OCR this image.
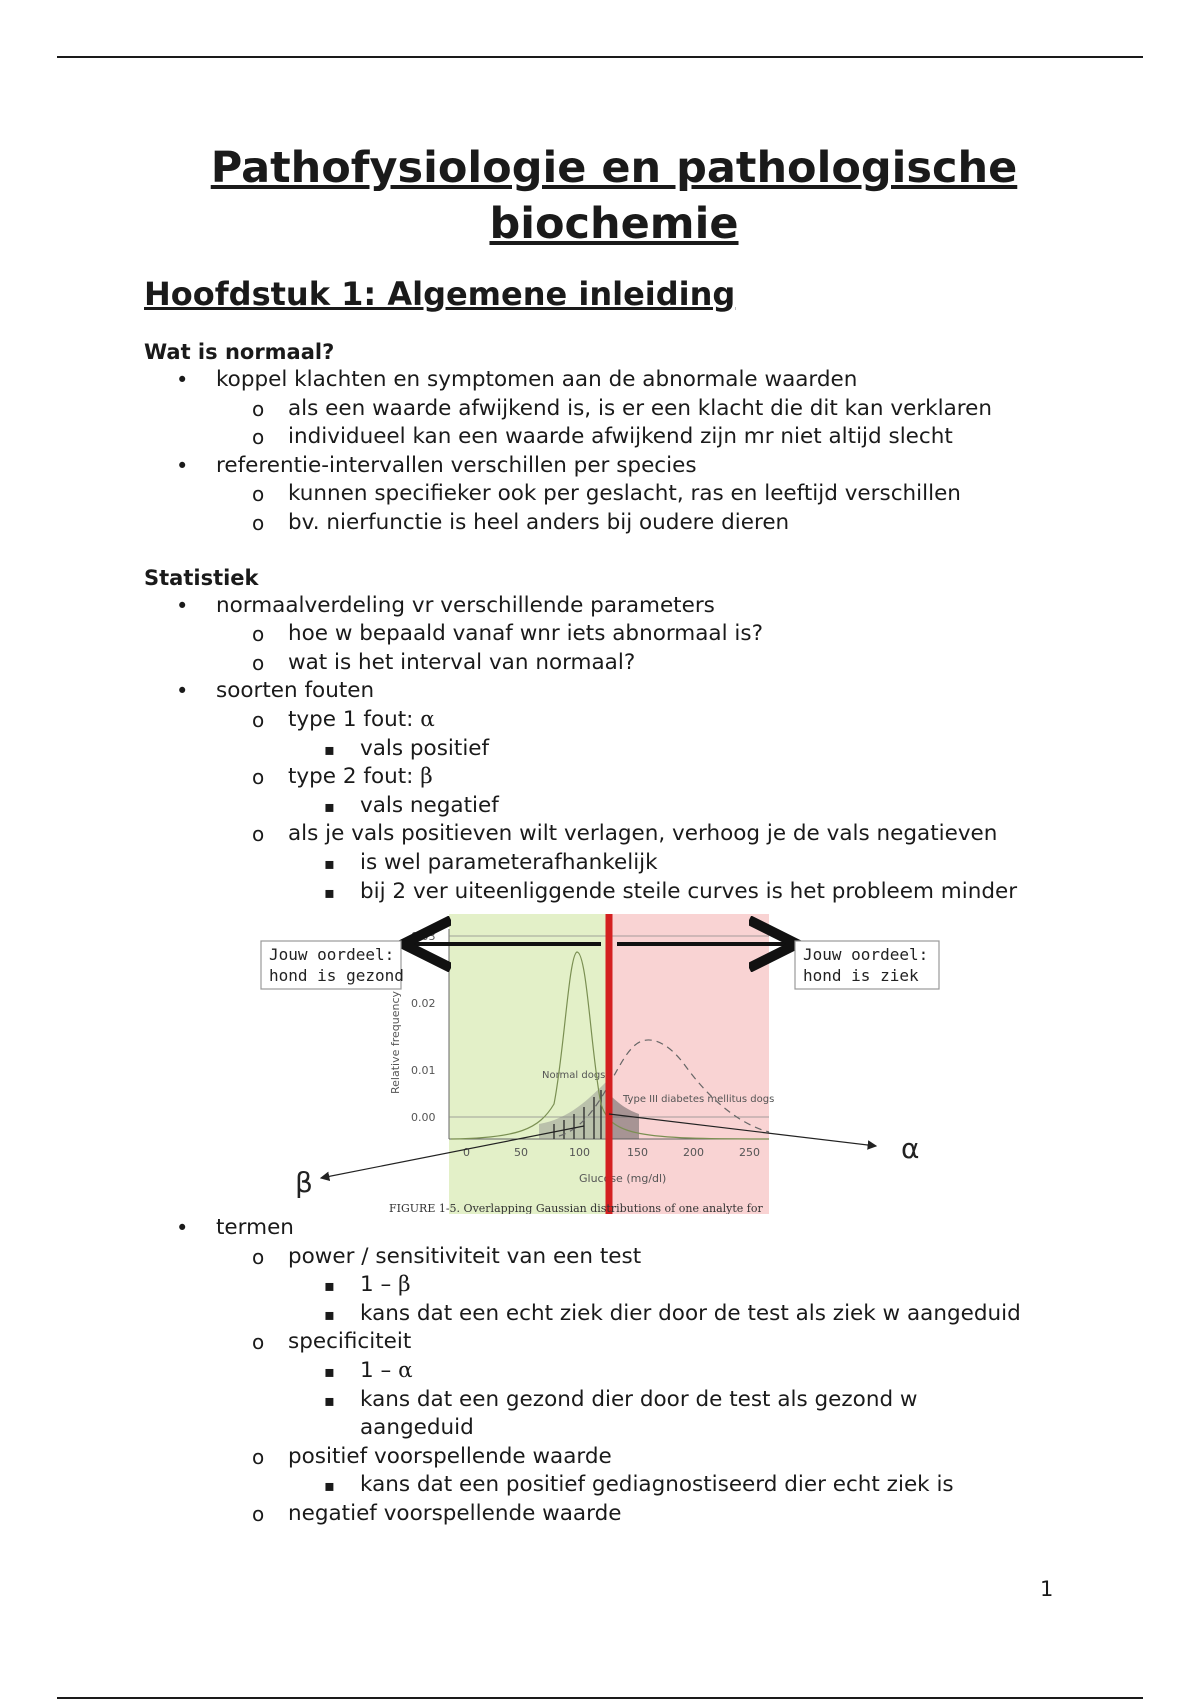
Pathofysiologie en pathologische biochemie
Hoofdstuk 1: Algemene inleiding
Wat is normaal?
• koppel klachten en symptomen aan de abnormale waarden
o als een waarde afwijkend is, is er een klacht die dit kan verklaren
o individueel kan een waarde afwijkend zijn mr niet altijd slecht
• referentie-intervallen verschillen per species
o kunnen specifieker ook per geslacht, ras en leeftijd verschillen
o bv. nierfunctie is heel anders bij oudere dieren
Statistiek
• normaalverdeling vr verschillende parameters
o hoe w bepaald vanaf wnr iets abnormaal is?
o wat is het interval van normaal?
• soorten fouten
o type 1 fout: α
▪ vals positief
o type 2 fout: β
▪ vals negatief
o als je vals positieven wilt verlagen, verhoog je de vals negatieven
▪ is wel parameterafhankelijk
▪ bij 2 ver uiteenliggende steile curves is het probleem minder
0.03
0.02
0.01
0.00
0	50	100	150	200	250
Glucose (mg/dl)
Relative frequency	Normal dogs
Type III diabetes mellitus dogs
Jouw oordeel:
hond is gezond
Jouw oordeel:
hond is ziek
α
β
FIGURE 1-5. Overlapping Gaussian distributions of one analyte for
• termen
o power / sensitiviteit van een test
▪ 1 – β
▪ kans dat een echt ziek dier door de test als ziek w aangeduid
o specificiteit
▪ 1 – α
▪ kans dat een gezond dier door de test als gezond w
aangeduid
o positief voorspellende waarde
▪ kans dat een positief gediagnostiseerd dier echt ziek is
o negatief voorspellende waarde
1
